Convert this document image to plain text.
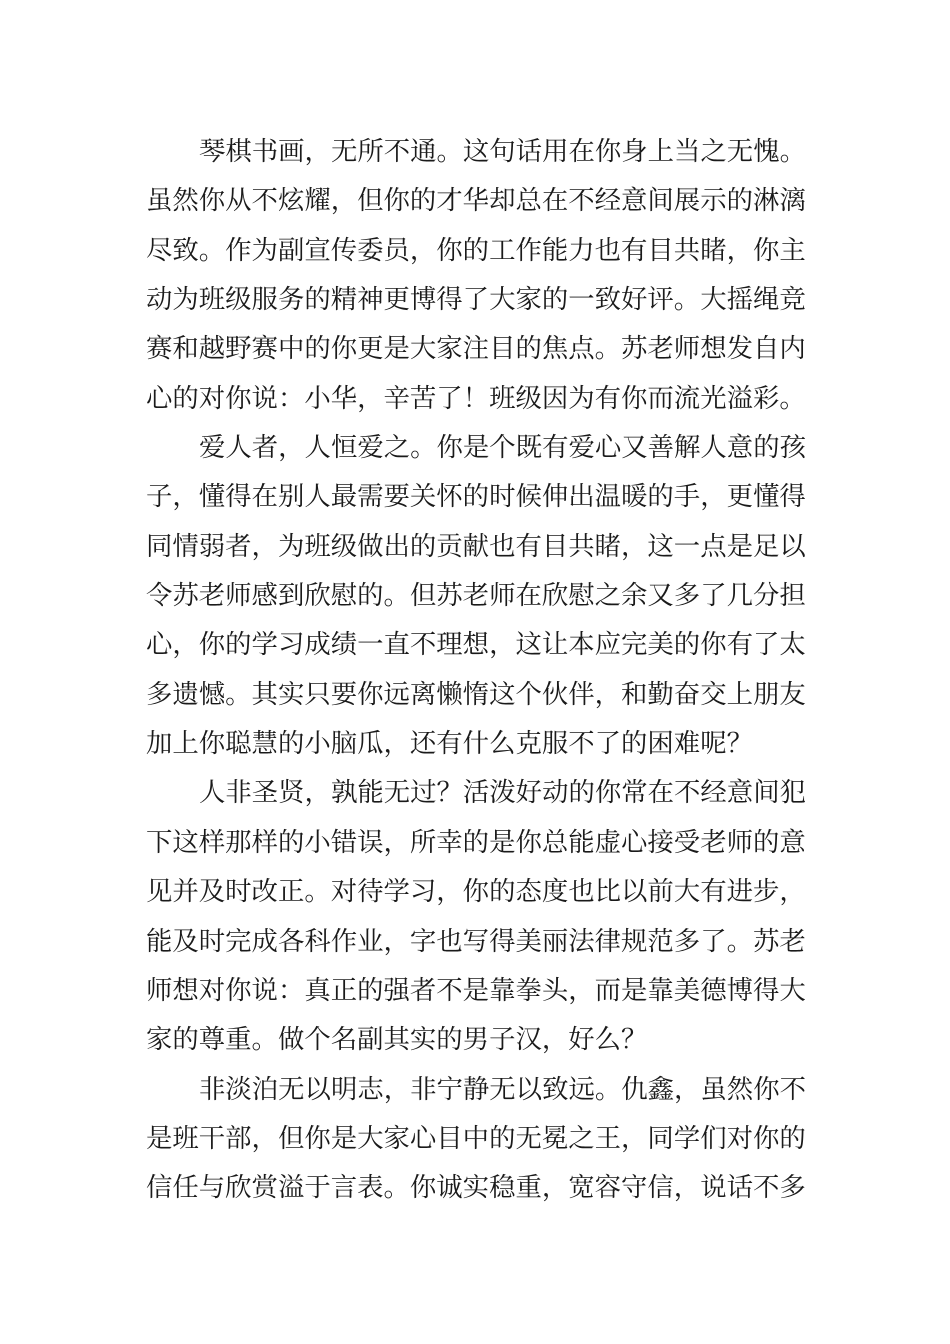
琴棋书画，无所不通。这句话用在你身上当之无愧。
虽然你从不炫耀，但你的才华却总在不经意间展示的淋漓
尽致。作为副宣传委员，你的工作能力也有目共睹，你主
动为班级服务的精神更博得了大家的一致好评。大摇绳竞
赛和越野赛中的你更是大家注目的焦点。苏老师想发自内
心的对你说：小华，辛苦了！班级因为有你而流光溢彩。
爱人者，人恒爱之。你是个既有爱心又善解人意的孩
子，懂得在别人最需要关怀的时候伸出温暖的手，更懂得
同情弱者，为班级做出的贡献也有目共睹，这一点是足以
令苏老师感到欣慰的。但苏老师在欣慰之余又多了几分担
心，你的学习成绩一直不理想，这让本应完美的你有了太
多遗憾。其实只要你远离懒惰这个伙伴，和勤奋交上朋友
加上你聪慧的小脑瓜，还有什么克服不了的困难呢？
人非圣贤，孰能无过？活泼好动的你常在不经意间犯
下这样那样的小错误，所幸的是你总能虚心接受老师的意
见并及时改正。对待学习，你的态度也比以前大有进步，
能及时完成各科作业，字也写得美丽法律规范多了。苏老
师想对你说：真正的强者不是靠拳头，而是靠美德博得大
家的尊重。做个名副其实的男子汉，好么？
非淡泊无以明志，非宁静无以致远。仇鑫，虽然你不
是班干部，但你是大家心目中的无冕之王，同学们对你的
信任与欣赏溢于言表。你诚实稳重，宽容守信，说话不多
